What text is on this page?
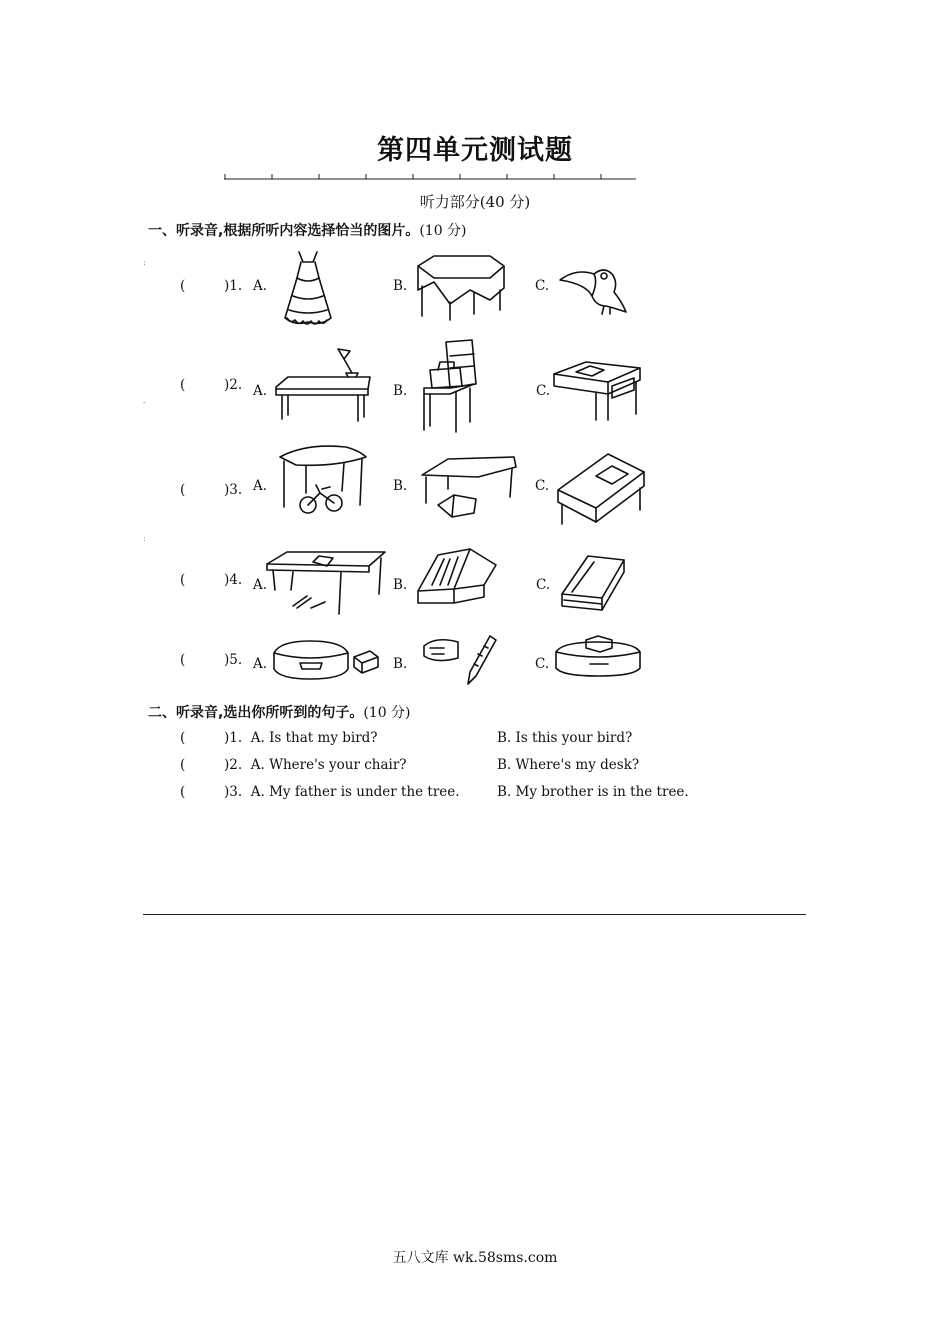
第四单元测试题
听力部分(40 分)
一、听录音,根据所听内容选择恰当的图片。(10 分)
:
-
:
(	)1. A.	B.	C.
(	)2. A.	B.	C.
(	)3. A.	B.	C.
(	)4. A.	B.	C.
(	)5. A.	B.	C.
二、听录音,选出你所听到的句子。(10 分)
(	)1. A. Is that my bird?	B. Is this your bird?
(	)2. A. Where's your chair?	B. Where's my desk?
(	)3. A. My father is under the tree.	B. My brother is in the tree.
五八文库 wk.58sms.com
